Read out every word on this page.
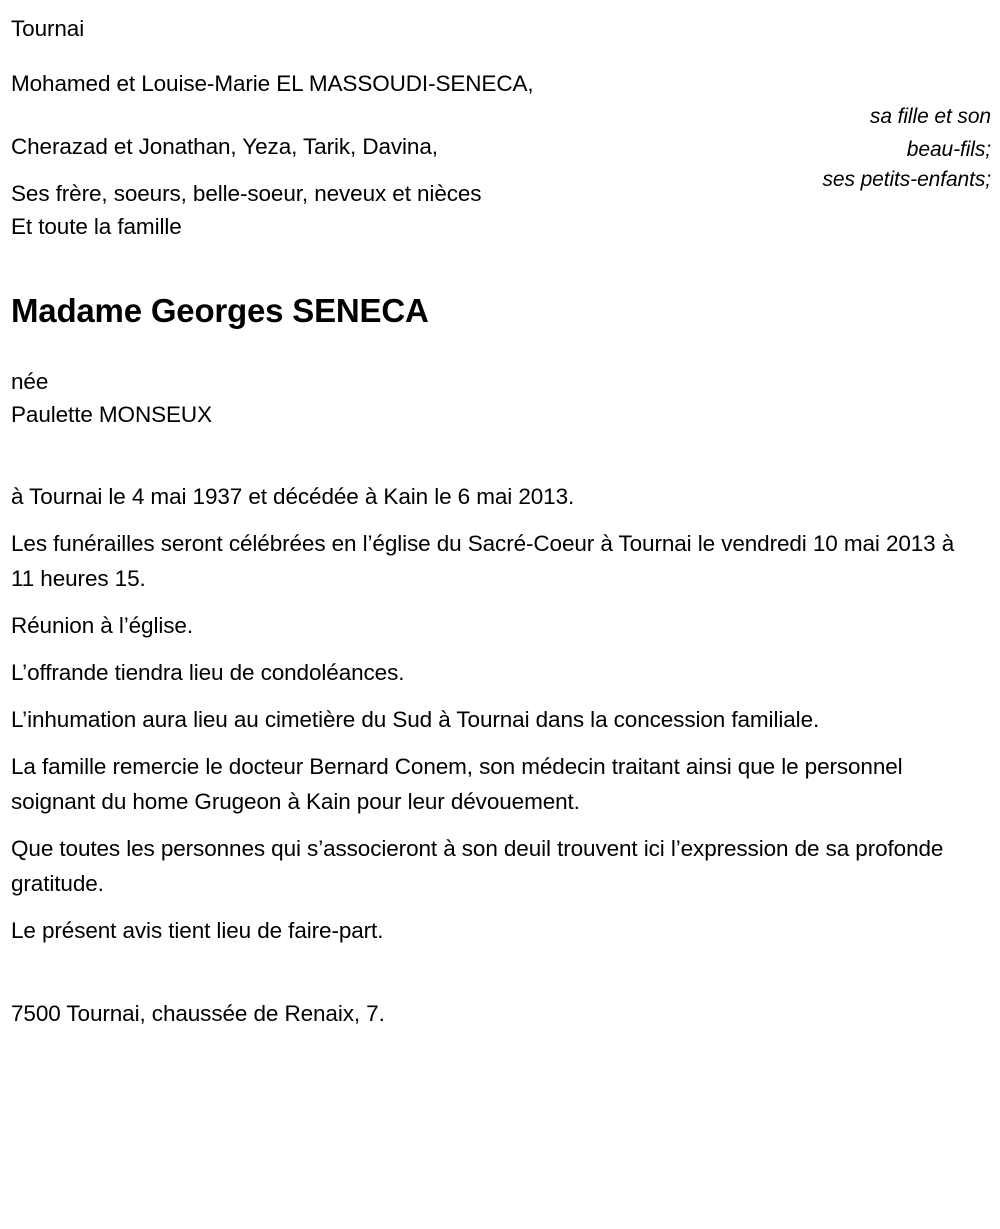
Tournai
Mohamed et Louise-Marie EL MASSOUDI-SENECA,
sa fille et son
beau-fils;
Cherazad et Jonathan, Yeza, Tarik, Davina,
ses petits-enfants;
Ses frère, soeurs, belle-soeur, neveux et nièces
Et toute la famille
Madame Georges SENECA
née
Paulette MONSEUX
à Tournai le 4 mai 1937 et décédée à Kain le 6 mai 2013.
Les funérailles seront célébrées en l’église du Sacré-Coeur à Tournai le vendredi 10 mai 2013 à 11 heures 15.
Réunion à l’église.
L’offrande tiendra lieu de condoléances.
L’inhumation aura lieu au cimetière du Sud à Tournai dans la concession familiale.
La famille remercie le docteur Bernard Conem, son médecin traitant ainsi que le personnel soignant du home Grugeon à Kain pour leur dévouement.
Que toutes les personnes qui s’associeront à son deuil trouvent ici l’expression de sa profonde gratitude.
Le présent avis tient lieu de faire-part.
7500 Tournai, chaussée de Renaix, 7.
